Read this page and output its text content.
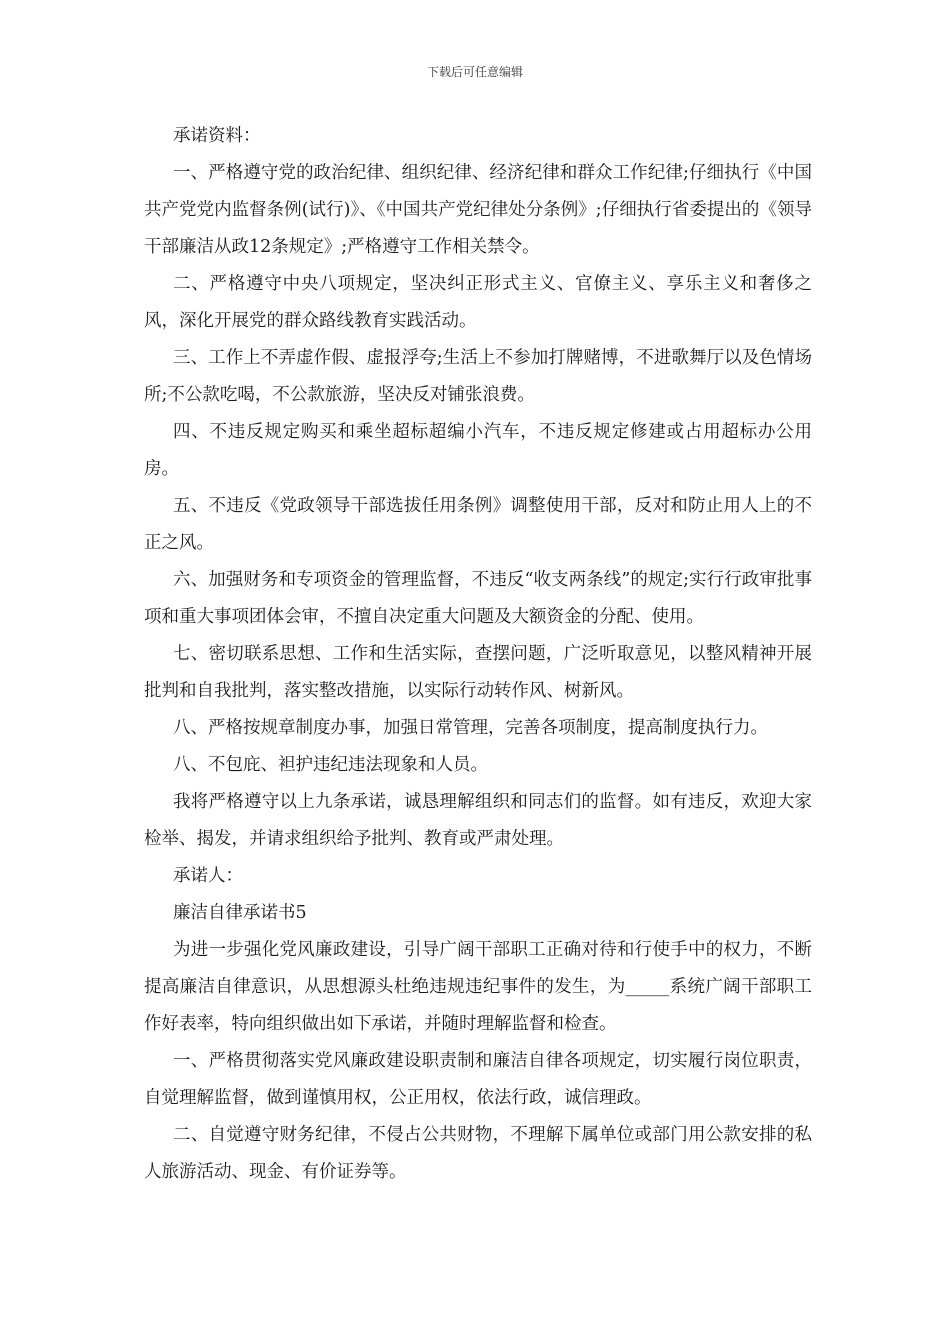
下载后可任意编辑

承诺资料：

一、严格遵守党的政治纪律、组织纪律、经济纪律和群众工作纪律;仔细执行《中国共产党党内监督条例(试行)》、《中国共产党纪律处分条例》;仔细执行省委提出的《领导干部廉洁从政12条规定》;严格遵守工作相关禁令。

二、严格遵守中央八项规定，坚决纠正形式主义、官僚主义、享乐主义和奢侈之风，深化开展党的群众路线教育实践活动。

三、工作上不弄虚作假、虚报浮夸;生活上不参加打牌赌博，不进歌舞厅以及色情场所;不公款吃喝，不公款旅游，坚决反对铺张浪费。

四、不违反规定购买和乘坐超标超编小汽车，不违反规定修建或占用超标办公用房。

五、不违反《党政领导干部选拔任用条例》调整使用干部，反对和防止用人上的不正之风。

六、加强财务和专项资金的管理监督，不违反“收支两条线”的规定;实行行政审批事项和重大事项团体会审，不擅自决定重大问题及大额资金的分配、使用。

七、密切联系思想、工作和生活实际，查摆问题，广泛听取意见，以整风精神开展批判和自我批判，落实整改措施，以实际行动转作风、树新风。

八、严格按规章制度办事，加强日常管理，完善各项制度，提高制度执行力。

八、不包庇、袒护违纪违法现象和人员。

我将严格遵守以上九条承诺，诚恳理解组织和同志们的监督。如有违反，欢迎大家检举、揭发，并请求组织给予批判、教育或严肃处理。

承诺人：

廉洁自律承诺书5

为进一步强化党风廉政建设，引导广阔干部职工正确对待和行使手中的权力，不断提高廉洁自律意识，从思想源头杜绝违规违纪事件的发生，为_____系统广阔干部职工作好表率，特向组织做出如下承诺，并随时理解监督和检查。

一、严格贯彻落实党风廉政建设职责制和廉洁自律各项规定，切实履行岗位职责，自觉理解监督，做到谨慎用权，公正用权，依法行政，诚信理政。

二、自觉遵守财务纪律，不侵占公共财物，不理解下属单位或部门用公款安排的私人旅游活动、现金、有价证券等。
